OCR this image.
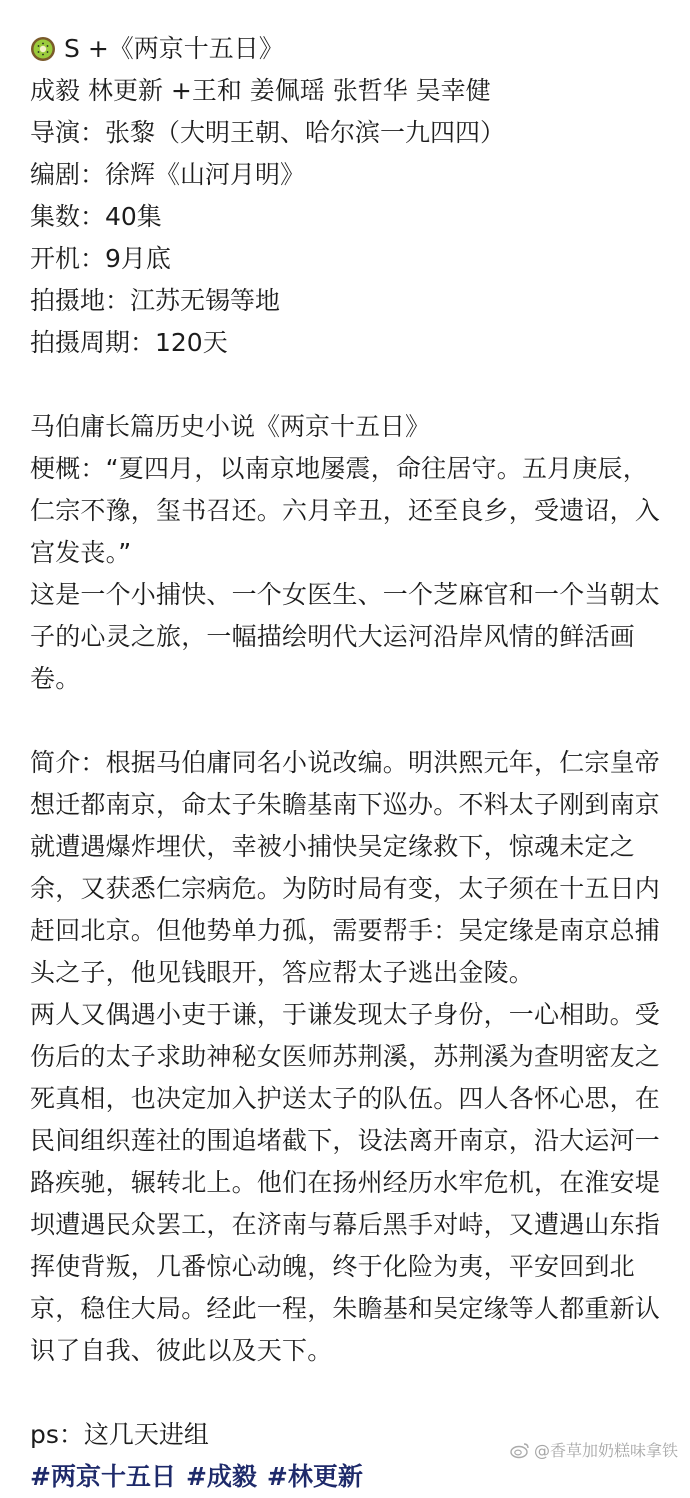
S +《两京十五日》
成毅 林更新 +王和 姜佩瑶 张哲华 吴幸健
导演：张黎（大明王朝、哈尔滨一九四四）
编剧：徐辉《山河月明》
集数：40集
开机：9月底
拍摄地：江苏无锡等地
拍摄周期：120天
马伯庸长篇历史小说《两京十五日》
梗概：“夏四月，以南京地屡震，命往居守。五月庚辰，仁宗不豫，玺书召还。六月辛丑，还至良乡，受遗诏，入宫发丧。”
这是一个小捕快、一个女医生、一个芝麻官和一个当朝太子的心灵之旅，一幅描绘明代大运河沿岸风情的鲜活画卷。
简介：根据马伯庸同名小说改编。明洪熙元年，仁宗皇帝想迁都南京，命太子朱瞻基南下巡办。不料太子刚到南京就遭遇爆炸埋伏，幸被小捕快吴定缘救下，惊魂未定之余，又获悉仁宗病危。为防时局有变，太子须在十五日内赶回北京。但他势单力孤，需要帮手：吴定缘是南京总捕头之子，他见钱眼开，答应帮太子逃出金陵。
两人又偶遇小吏于谦，于谦发现太子身份，一心相助。受伤后的太子求助神秘女医师苏荆溪，苏荆溪为查明密友之死真相，也决定加入护送太子的队伍。四人各怀心思，在民间组织莲社的围追堵截下，设法离开南京，沿大运河一路疾驰，辗转北上。他们在扬州经历水牢危机，在淮安堤坝遭遇民众罢工，在济南与幕后黑手对峙，又遭遇山东指挥使背叛，几番惊心动魄，终于化险为夷，平安回到北京，稳住大局。经此一程，朱瞻基和吴定缘等人都重新认识了自我、彼此以及天下。
ps：这几天进组
#两京十五日 #成毅 #林更新
@香草加奶糕味拿铁
